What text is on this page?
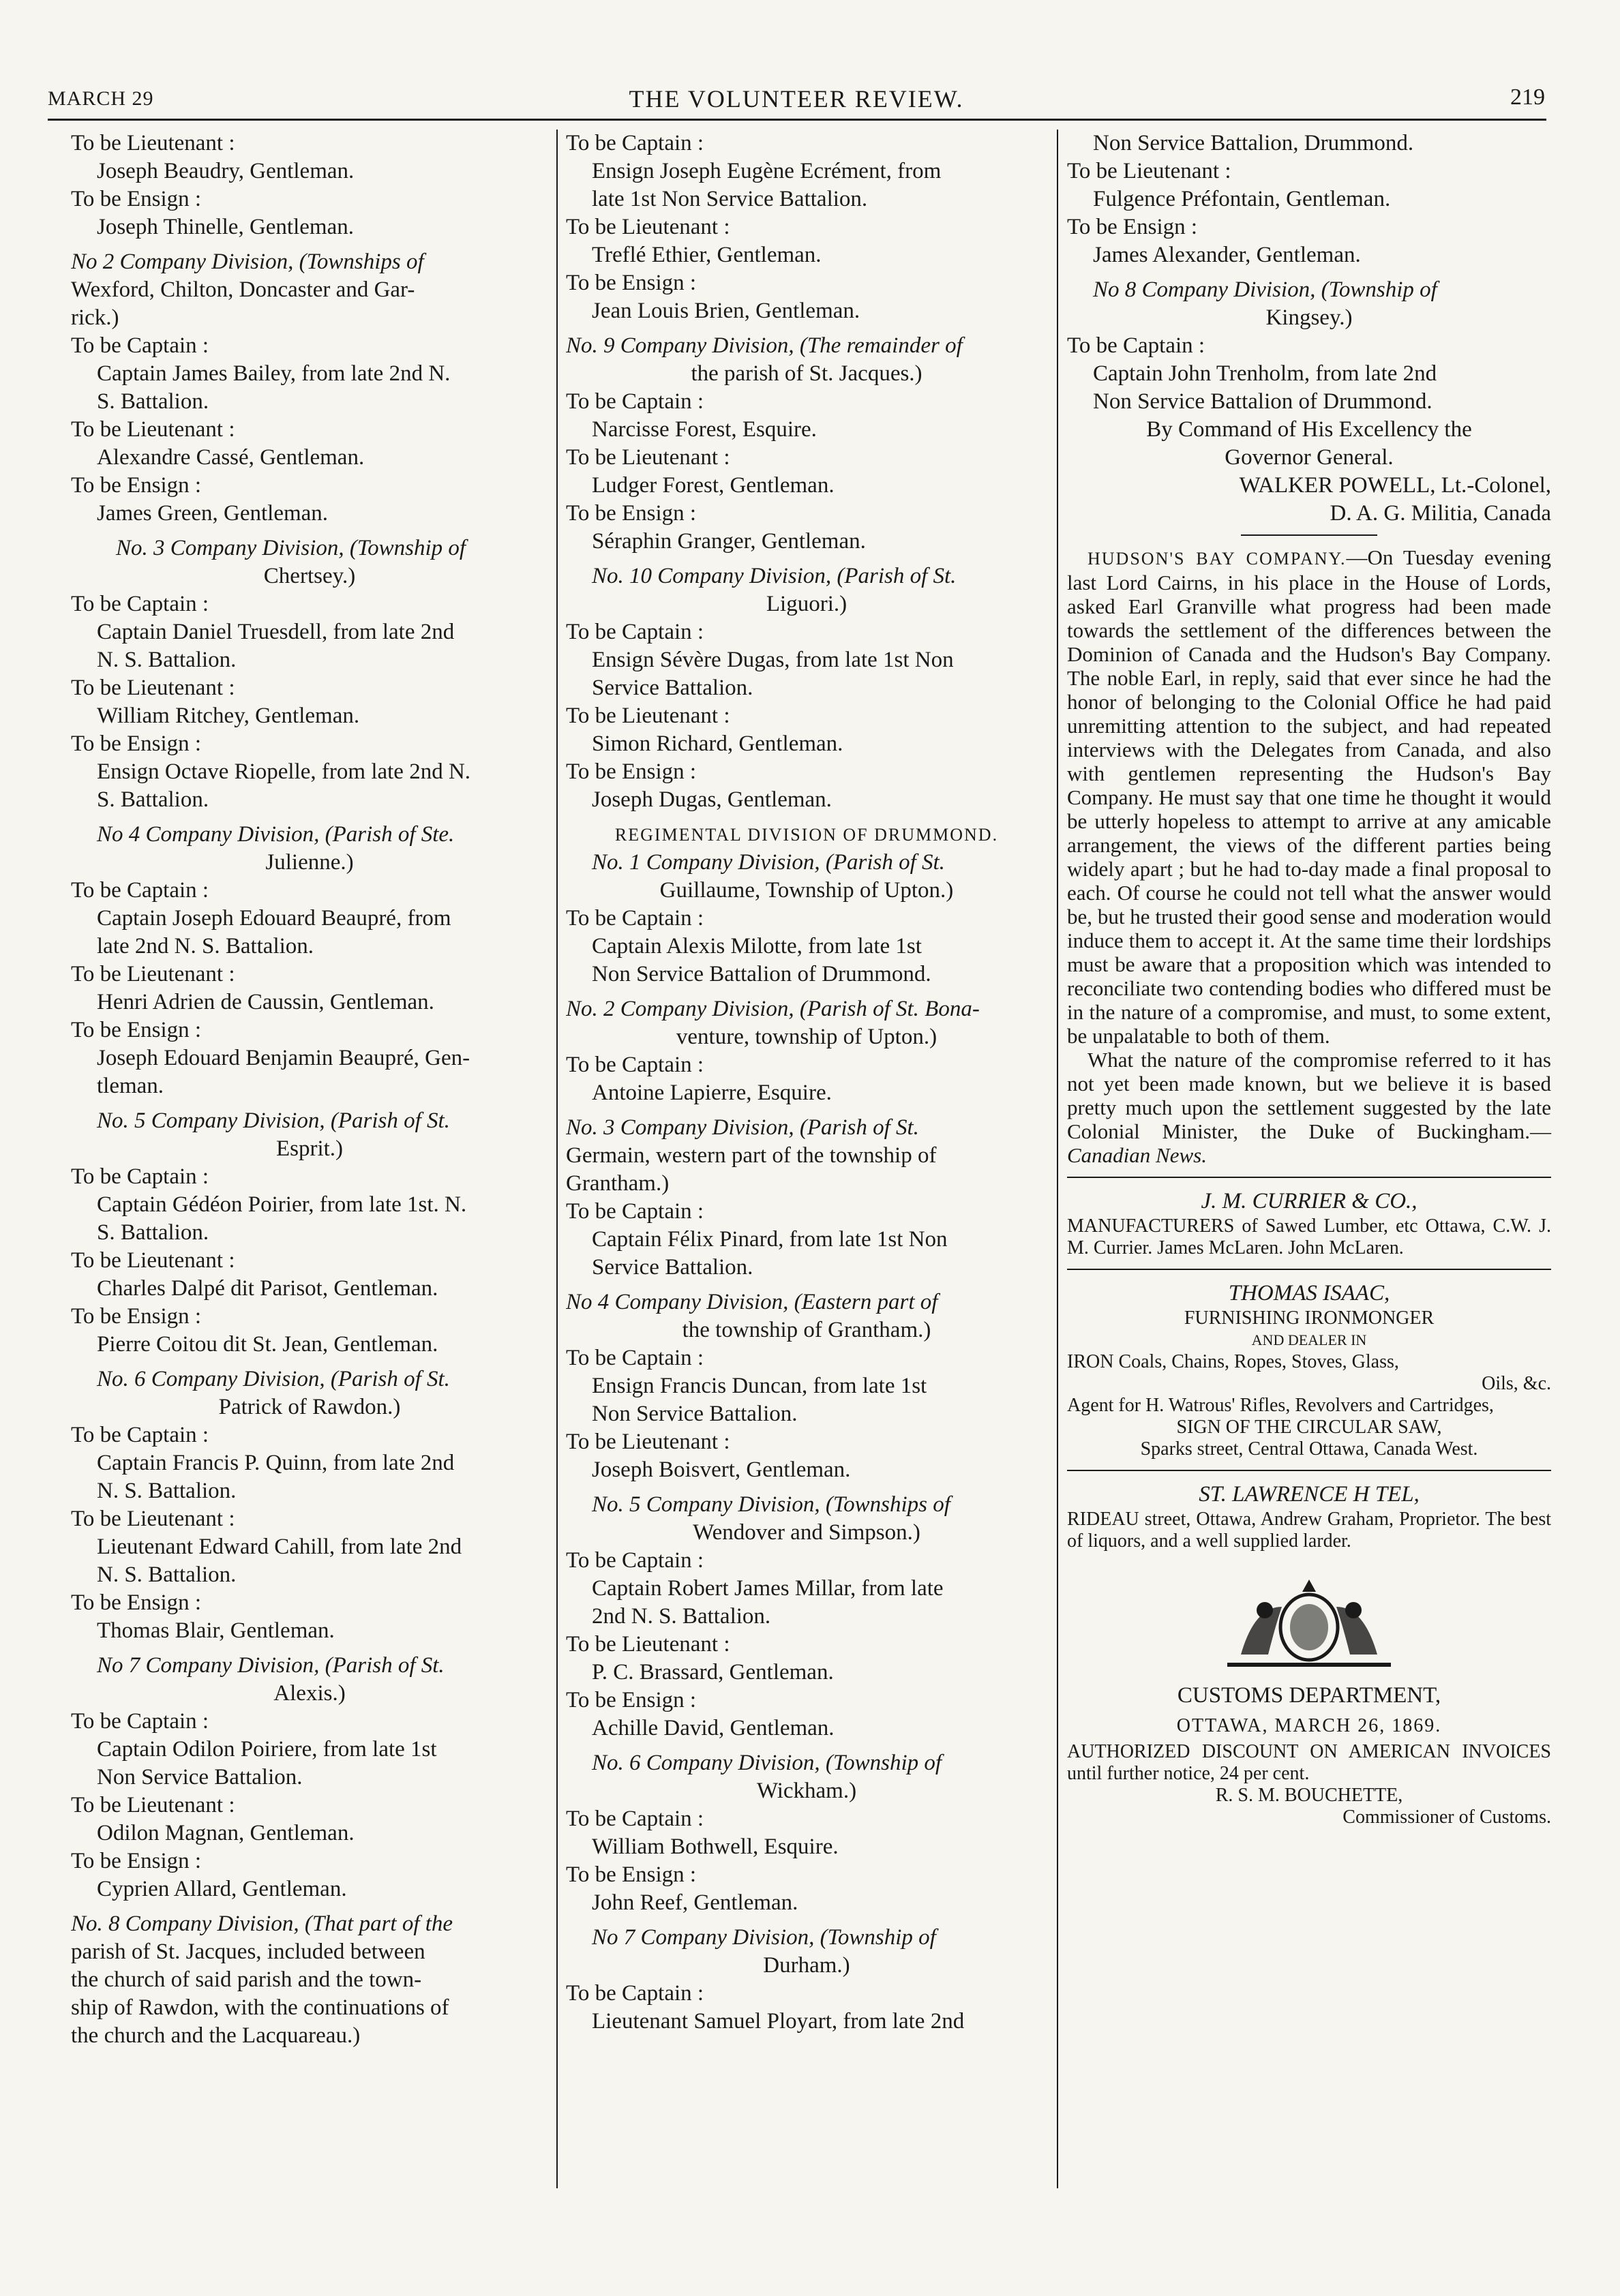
MARCH 29	THE VOLUNTEER REVIEW.	219

To be Lieutenant :

Joseph Beaudry, Gentleman.

To be Ensign :

Joseph Thinelle, Gentleman.

No 2 Company Division, (Townships of

Wexford, Chilton, Doncaster and Gar-

rick.)

To be Captain :

Captain James Bailey, from late 2nd N.

S. Battalion.

To be Lieutenant :

Alexandre Cassé, Gentleman.

To be Ensign :

James Green, Gentleman.

No. 3 Company Division, (Township of

Chertsey.)

To be Captain :

Captain Daniel Truesdell, from late 2nd

N. S. Battalion.

To be Lieutenant :

William Ritchey, Gentleman.

To be Ensign :

Ensign Octave Riopelle, from late 2nd N.

S. Battalion.

No 4 Company Division, (Parish of Ste.

Julienne.)

To be Captain :

Captain Joseph Edouard Beaupré, from

late 2nd N. S. Battalion.

To be Lieutenant :

Henri Adrien de Caussin, Gentleman.

To be Ensign :

Joseph Edouard Benjamin Beaupré, Gen-

tleman.

No. 5 Company Division, (Parish of St.

Esprit.)

To be Captain :

Captain Gédéon Poirier, from late 1st. N.

S. Battalion.

To be Lieutenant :

Charles Dalpé dit Parisot, Gentleman.

To be Ensign :

Pierre Coitou dit St. Jean, Gentleman.

No. 6 Company Division, (Parish of St.

Patrick of Rawdon.)

To be Captain :

Captain Francis P. Quinn, from late 2nd

N. S. Battalion.

To be Lieutenant :

Lieutenant Edward Cahill, from late 2nd

N. S. Battalion.

To be Ensign :

Thomas Blair, Gentleman.

No 7 Company Division, (Parish of St.

Alexis.)

To be Captain :

Captain Odilon Poiriere, from late 1st

Non Service Battalion.

To be Lieutenant :

Odilon Magnan, Gentleman.

To be Ensign :

Cyprien Allard, Gentleman.

No. 8 Company Division, (That part of the

parish of St. Jacques, included between

the church of said parish and the town-

ship of Rawdon, with the continuations of

the church and the Lacquareau.)

To be Captain :

Ensign Joseph Eugène Ecrément, from

late 1st Non Service Battalion.

To be Lieutenant :

Treflé Ethier, Gentleman.

To be Ensign :

Jean Louis Brien, Gentleman.

No. 9 Company Division, (The remainder of

the parish of St. Jacques.)

To be Captain :

Narcisse Forest, Esquire.

To be Lieutenant :

Ludger Forest, Gentleman.

To be Ensign :

Séraphin Granger, Gentleman.

No. 10 Company Division, (Parish of St.

Liguori.)

To be Captain :

Ensign Sévère Dugas, from late 1st Non

Service Battalion.

To be Lieutenant :

Simon Richard, Gentleman.

To be Ensign :

Joseph Dugas, Gentleman.

REGIMENTAL DIVISION OF DRUMMOND.

No. 1 Company Division, (Parish of St.

Guillaume, Township of Upton.)

To be Captain :

Captain Alexis Milotte, from late 1st

Non Service Battalion of Drummond.

No. 2 Company Division, (Parish of St. Bona-

venture, township of Upton.)

To be Captain :

Antoine Lapierre, Esquire.

No. 3 Company Division, (Parish of St.

Germain, western part of the township of

Grantham.)

To be Captain :

Captain Félix Pinard, from late 1st Non

Service Battalion.

No 4 Company Division, (Eastern part of

the township of Grantham.)

To be Captain :

Ensign Francis Duncan, from late 1st

Non Service Battalion.

To be Lieutenant :

Joseph Boisvert, Gentleman.

No. 5 Company Division, (Townships of

Wendover and Simpson.)

To be Captain :

Captain Robert James Millar, from late

2nd N. S. Battalion.

To be Lieutenant :

P. C. Brassard, Gentleman.

To be Ensign :

Achille David, Gentleman.

No. 6 Company Division, (Township of

Wickham.)

To be Captain :

William Bothwell, Esquire.

To be Ensign :

John Reef, Gentleman.

No 7 Company Division, (Township of

Durham.)

To be Captain :

Lieutenant Samuel Ployart, from late 2nd

Non Service Battalion, Drummond.

To be Lieutenant :

Fulgence Préfontain, Gentleman.

To be Ensign :

James Alexander, Gentleman.

No 8 Company Division, (Township of

Kingsey.)

To be Captain :

Captain John Trenholm, from late 2nd

Non Service Battalion of Drummond.

By Command of His Excellency the

Governor General.

WALKER POWELL, Lt.-Colonel,

D. A. G. Militia, Canada

HUDSON'S BAY COMPANY.—On Tuesday evening last Lord Cairns, in his place in the House of Lords, asked Earl Granville what progress had been made towards the settlement of the differences between the Dominion of Canada and the Hudson's Bay Company. The noble Earl, in reply, said that ever since he had the honor of belonging to the Colonial Office he had paid unremitting attention to the subject, and had repeated interviews with the Delegates from Canada, and also with gentlemen representing the Hudson's Bay Company. He must say that one time he thought it would be utterly hopeless to attempt to arrive at any amicable arrangement, the views of the different parties being widely apart ; but he had to-day made a final proposal to each. Of course he could not tell what the answer would be, but he trusted their good sense and moderation would induce them to accept it. At the same time their lordships must be aware that a proposition which was intended to reconciliate two contending bodies who differed must be in the nature of a compromise, and must, to some extent, be unpalatable to both of them.

What the nature of the compromise referred to it has not yet been made known, but we believe it is based pretty much upon the settlement suggested by the late Colonial Minister, the Duke of Buckingham.— Canadian News.

J. M. CURRIER & CO.,

MANUFACTURERS of Sawed Lumber, etc Ottawa, C.W. J. M. Currier. James McLaren. John McLaren.

THOMAS ISAAC,

FURNISHING IRONMONGER

AND DEALER IN

IRON Coals, Chains, Ropes, Stoves, Glass,

Oils, &c.

Agent for H. Watrous' Rifles, Revolvers and Cartridges,

SIGN OF THE CIRCULAR SAW,

Sparks street, Central Ottawa, Canada West.

ST. LAWRENCE H TEL,

RIDEAU street, Ottawa, Andrew Graham, Proprietor. The best of liquors, and a well supplied larder.

CUSTOMS DEPARTMENT,

OTTAWA, MARCH 26, 1869.

AUTHORIZED DISCOUNT ON AMERICAN INVOICES until further notice, 24 per cent.

R. S. M. BOUCHETTE,

Commissioner of Customs.
